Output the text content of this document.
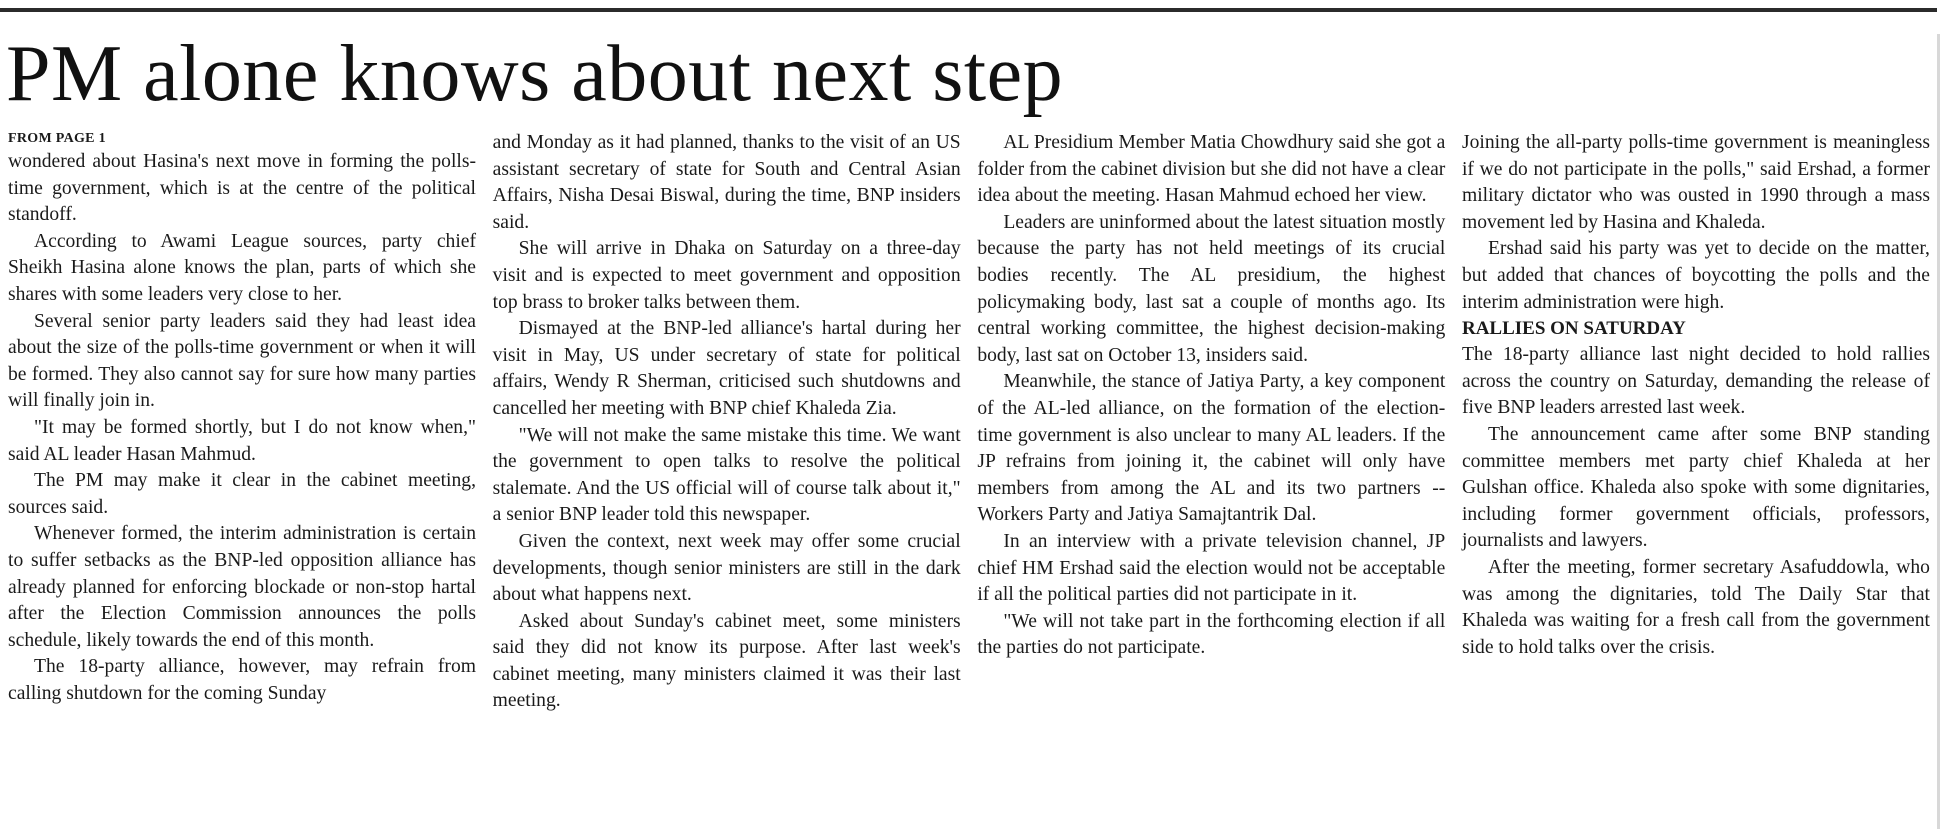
PM alone knows about next step
FROM PAGE 1

wondered about Hasina's next move in forming the polls-time government, which is at the centre of the political standoff.

According to Awami League sources, party chief Sheikh Hasina alone knows the plan, parts of which she shares with some leaders very close to her.

Several senior party leaders said they had least idea about the size of the polls-time government or when it will be formed. They also cannot say for sure how many parties will finally join in.

"It may be formed shortly, but I do not know when," said AL leader Hasan Mahmud.

The PM may make it clear in the cabinet meeting, sources said.

Whenever formed, the interim administration is certain to suffer setbacks as the BNP-led opposition alliance has already planned for enforcing blockade or non-stop hartal after the Election Commission announces the polls schedule, likely towards the end of this month.

The 18-party alliance, however, may refrain from calling shutdown for the coming Sunday

and Monday as it had planned, thanks to the visit of an US assistant secretary of state for South and Central Asian Affairs, Nisha Desai Biswal, during the time, BNP insiders said.

She will arrive in Dhaka on Saturday on a three-day visit and is expected to meet government and opposition top brass to broker talks between them.

Dismayed at the BNP-led alliance's hartal during her visit in May, US under secretary of state for political affairs, Wendy R Sherman, criticised such shutdowns and cancelled her meeting with BNP chief Khaleda Zia.

"We will not make the same mistake this time. We want the government to open talks to resolve the political stalemate. And the US official will of course talk about it," a senior BNP leader told this newspaper.

Given the context, next week may offer some crucial developments, though senior ministers are still in the dark about what happens next.

Asked about Sunday's cabinet meet, some ministers said they did not know its purpose. After last week's cabinet meeting, many ministers claimed it was their last meeting.

AL Presidium Member Matia Chowdhury said she got a folder from the cabinet division but she did not have a clear idea about the meeting. Hasan Mahmud echoed her view.

Leaders are uninformed about the latest situation mostly because the party has not held meetings of its crucial bodies recently. The AL presidium, the highest policymaking body, last sat a couple of months ago. Its central working committee, the highest decision-making body, last sat on October 13, insiders said.

Meanwhile, the stance of Jatiya Party, a key component of the AL-led alliance, on the formation of the election-time government is also unclear to many AL leaders. If the JP refrains from joining it, the cabinet will only have members from among the AL and its two partners -- Workers Party and Jatiya Samajtantrik Dal.

In an interview with a private television channel, JP chief HM Ershad said the election would not be acceptable if all the political parties did not participate in it.

"We will not take part in the forthcoming election if all the parties do not participate.

Joining the all-party polls-time government is meaningless if we do not participate in the polls," said Ershad, a former military dictator who was ousted in 1990 through a mass movement led by Hasina and Khaleda.

Ershad said his party was yet to decide on the matter, but added that chances of boycotting the polls and the interim administration were high.

RALLIES ON SATURDAY

The 18-party alliance last night decided to hold rallies across the country on Saturday, demanding the release of five BNP leaders arrested last week.

The announcement came after some BNP standing committee members met party chief Khaleda at her Gulshan office. Khaleda also spoke with some dignitaries, including former government officials, professors, journalists and lawyers.

After the meeting, former secretary Asafuddowla, who was among the dignitaries, told The Daily Star that Khaleda was waiting for a fresh call from the government side to hold talks over the crisis.
